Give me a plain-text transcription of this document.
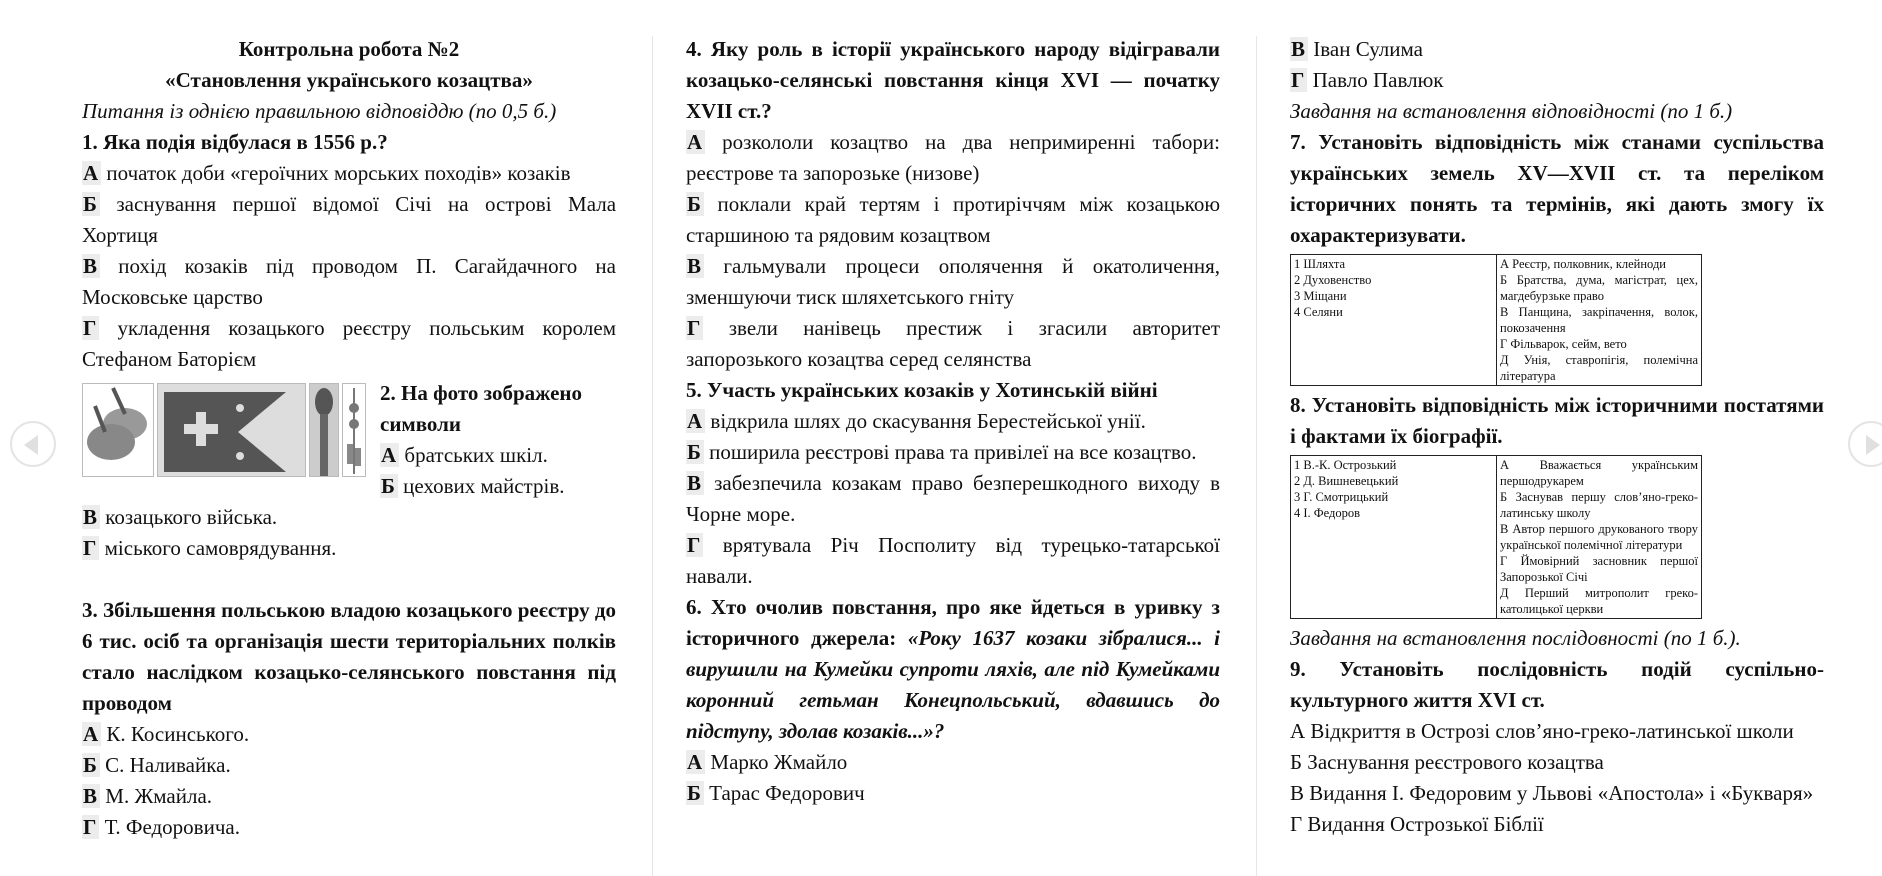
Контрольна робота №2

«Становлення українського козацтва»

Питання із однією правильною відповіддю (по 0,5 б.)

1. Яка подія відбулася в 1556 р.?

А початок доби «героїчних морських походів» козаків

Б заснування першої відомої Січі на острові Мала Хортиця

В похід козаків під проводом П. Сагайдачного на Московське царство

Г укладення козацького реєстру польським королем Стефаном Баторієм

2. На фото зображено символи

А братських шкіл.

Б цехових майстрів.

В козацького війська.

Г міського самоврядування.

3. Збільшення польською владою козацького реєстру до 6 тис. осіб та організація шести територіальних полків стало наслідком козацько-селянського повстання під проводом

А К. Косинського.

Б С. Наливайка.

В М. Жмайла.

Г Т. Федоровича.

4. Яку роль в історії українського народу відігравали козацько-селянські повстання кінця XVI — початку XVII ст.?

А розкололи козацтво на два непримиренні табори: реєстрове та запорозьке (низове)

Б поклали край тертям і протиріччям між козацькою старшиною та рядовим козацтвом

В гальмували процеси ополячення й окатоличення, зменшуючи тиск шляхетського гніту

Г звели нанівець престиж і згасили авторитет запорозького козацтва серед селянства

5. Участь українських козаків у Хотинській війні

А відкрила шлях до скасування Берестейської унії.

Б поширила реєстрові права та привілеї на все козацтво.

В забезпечила козакам право безперешкодного виходу в Чорне море.

Г врятувала Річ Посполиту від турецько-татарської навали.

6. Хто очолив повстання, про яке йдеться в уривку з історичного джерела: «Року 1637 козаки зібралися... і вирушили на Кумейки супроти ляхів, але під Кумейками коронний гетьман Конецпольський, вдавшись до підступу, здолав козаків...»?

А Марко Жмайло

Б Тарас Федорович

В Іван Сулима

Г Павло Павлюк

Завдання на встановлення відповідності (по 1 б.)

7. Установіть відповідність між станами суспільства українських земель XV—XVII ст. та переліком історичних понять та термінів, які дають змогу їх охарактеризувати.

1 Шляхта
2 Духовенство
3 Міщани
4 Селяни

А Реєстр, полковник, клейноди
Б Братства, дума, магістрат, цех, магдебурзьке право
В Панщина, закріпачення, волок, покозачення
Г Фільварок, сейм, вето
Д Унія, ставропігія, полемічна література

8. Установіть відповідність між історичними постатями і фактами їх біографії.

1 В.-К. Острозький
2 Д. Вишневецький
3 Г. Смотрицький
4 І. Федоров

А Вважається українським першодрукарем
Б Заснував першу слов’яно-греко-латинську школу
В Автор першого друкованого твору української полемічної літератури
Г Ймовірний засновник першої Запорозької Січі
Д Перший митрополит греко-католицької церкви

Завдання на встановлення послідовності (по 1 б.).

9. Установіть послідовність подій суспільно-культурного життя XVI ст.

А Відкриття в Острозі слов’яно-греко-латинської школи

Б Заснування реєстрового козацтва

В Видання І. Федоровим у Львові «Апостола» і «Букваря»

Г Видання Острозької Біблії
